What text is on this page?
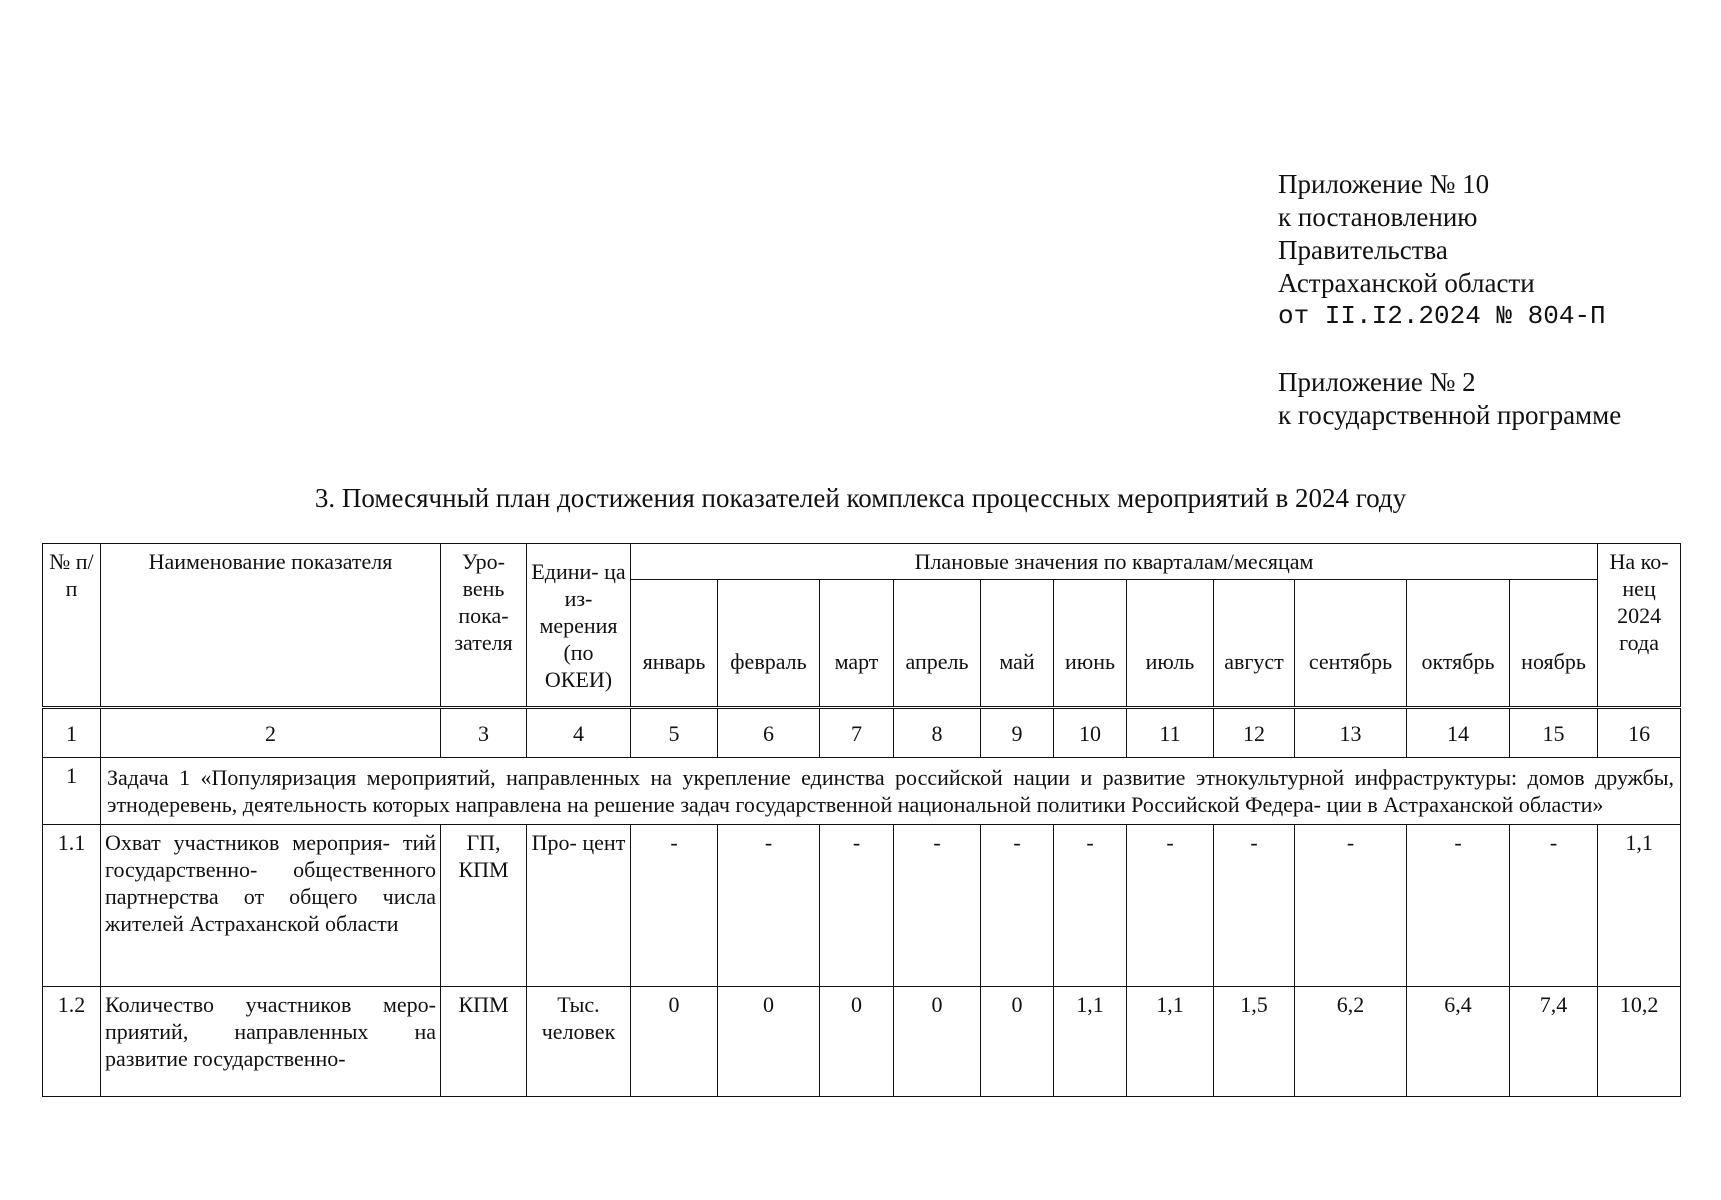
Приложение № 10
к постановлению
Правительства
Астраханской области
от II.I2.2024 № 804-П
Приложение № 2
к государственной программе
3. Помесячный план достижения показателей комплекса процессных мероприятий в 2024 году
№ п/п	Наименование показателя	Уро- вень пока- зателя	Едини- ца из- мерения (по ОКЕИ)	Плановые значения по кварталам/месяцам											На ко- нец 2024 года
				январь	февраль	март	апрель	май	июнь	июль	август	сентябрь	октябрь	ноябрь	
1	2	3	4	5	6	7	8	9	10	11	12	13	14	15	16
1	Задача 1 «Популяризация мероприятий, направленных на укрепление единства российской нации и развитие этнокультурной инфраструктуры: домов дружбы, этнодеревень, деятельность которых направлена на решение задач государственной национальной политики Российской Федера- ции в Астраханской области»														
1.1	Охват участников мероприя- тий государственно- общественного партнерства от общего числа жителей Астраханской области	ГП, КПМ	Про- цент	-	-	-	-	-	-	-	-	-	-	-	1,1
1.2	Количество участников меро- приятий, направленных на развитие государственно-	КПМ	Тыс. человек	0	0	0	0	0	1,1	1,1	1,5	6,2	6,4	7,4	10,2
